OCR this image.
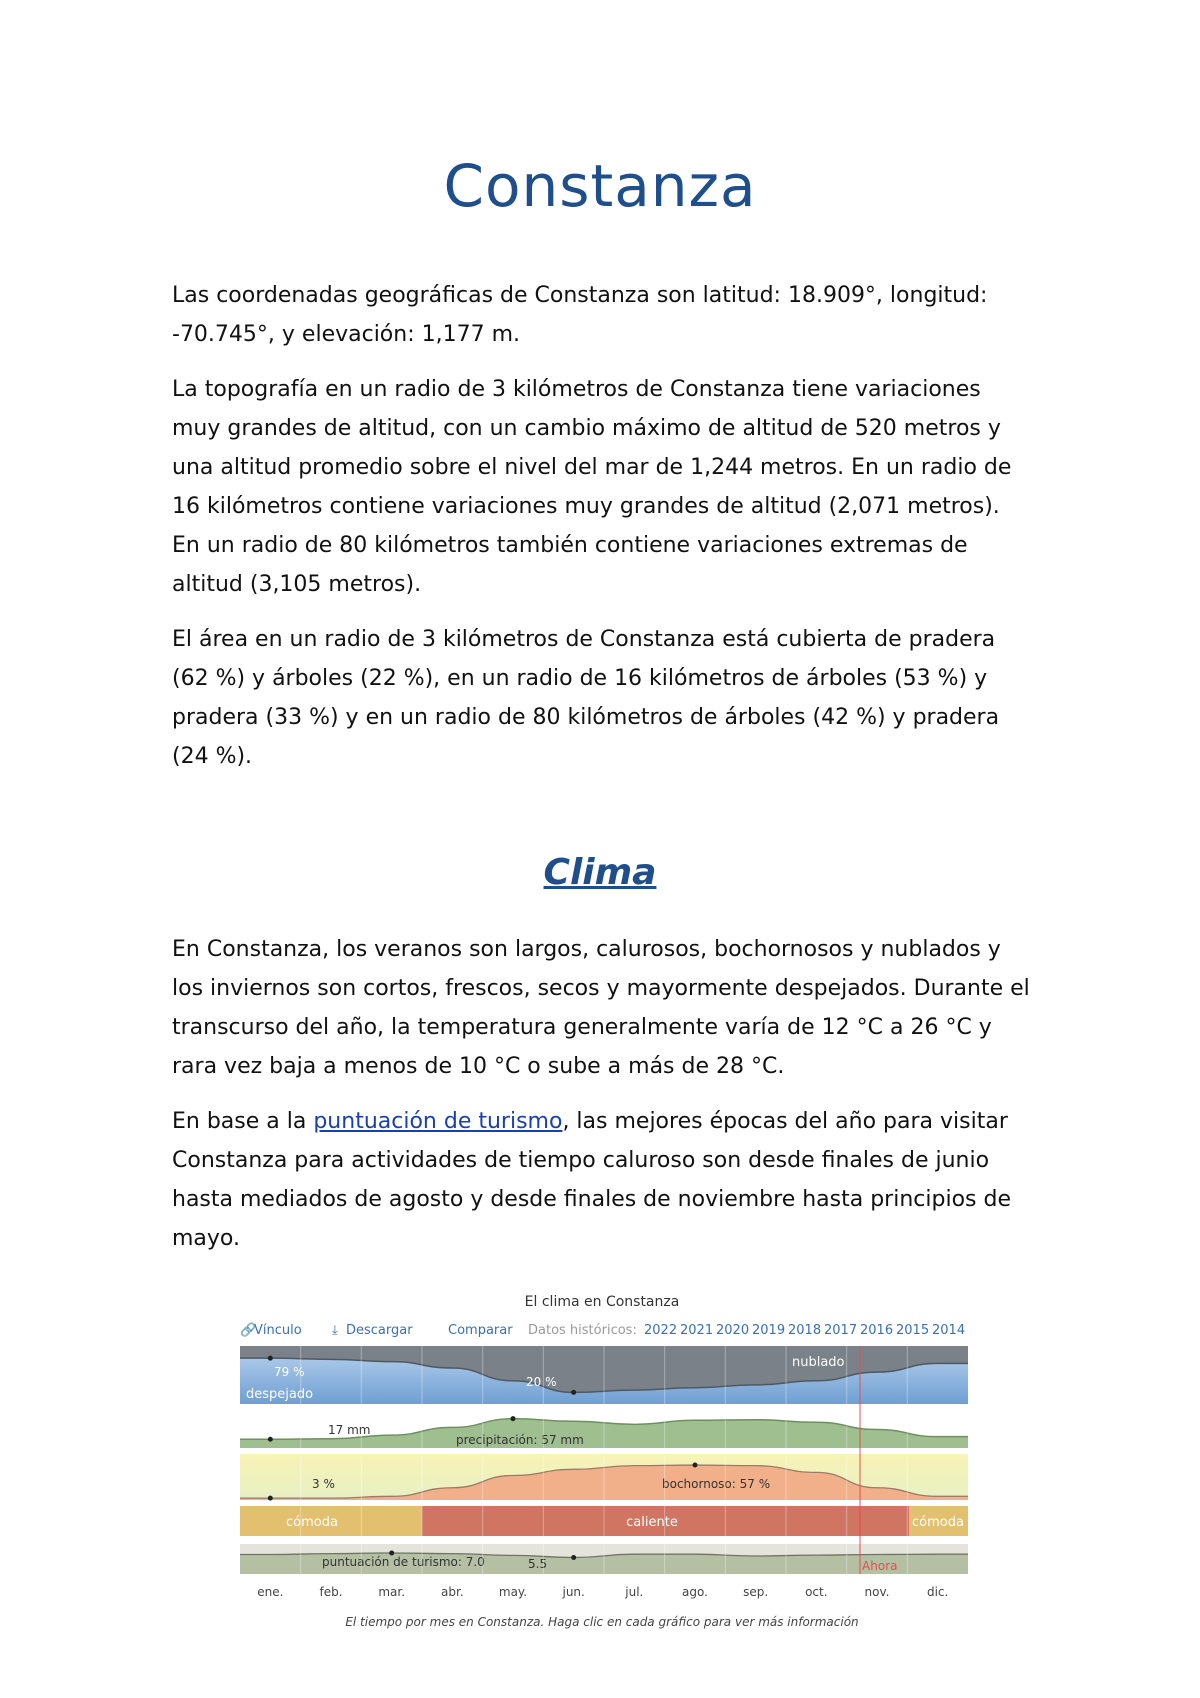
Constanza

Las coordenadas geográficas de Constanza son latitud: 18.909°, longitud: -70.745°, y elevación: 1,177 m.

La topografía en un radio de 3 kilómetros de Constanza tiene variaciones muy grandes de altitud, con un cambio máximo de altitud de 520 metros y una altitud promedio sobre el nivel del mar de 1,244 metros. En un radio de 16 kilómetros contiene variaciones muy grandes de altitud (2,071 metros). En un radio de 80 kilómetros también contiene variaciones extremas de altitud (3,105 metros).

El área en un radio de 3 kilómetros de Constanza está cubierta de pradera (62 %) y árboles (22 %), en un radio de 16 kilómetros de árboles (53 %) y pradera (33 %) y en un radio de 80 kilómetros de árboles (42 %) y pradera (24 %).

Clima

En Constanza, los veranos son largos, calurosos, bochornosos y nublados y los inviernos son cortos, frescos, secos y mayormente despejados. Durante el transcurso del año, la temperatura generalmente varía de 12 °C a 26 °C y rara vez baja a menos de 10 °C o sube a más de 28 °C.

En base a la puntuación de turismo, las mejores épocas del año para visitar Constanza para actividades de tiempo caluroso son desde finales de junio hasta mediados de agosto y desde finales de noviembre hasta principios de mayo.

El clima en Constanza
🔗
Vínculo ⤓ Descargar	Comparar Datos históricos: 2022 2021 2020 2019 2018 2017 2016 2015 2014
nublado
despejado
79 %
20 %
17 mm
precipitación: 57 mm
3 %	bochornoso: 57 %
cómoda	caliente	cómoda
puntuación de turismo: 7.0	5.5	Ahora
ene.	feb.	mar.	abr.	may.	jun.	jul.	ago.	sep.	oct.	nov.	dic.
El tiempo por mes en Constanza. Haga clic en cada gráfico para ver más información
